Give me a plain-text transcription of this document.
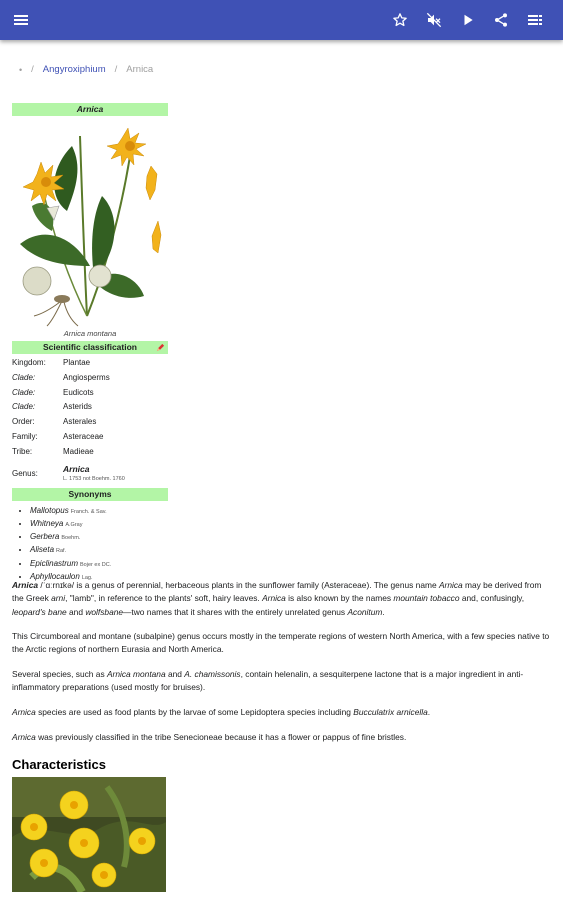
• / Angyroxiphium / Arnica
Arnica
Arnica montana
Scientific classification
Kingdom:	Plantae
Clade:	Angiosperms
Clade:	Eudicots
Clade:	Asterids
Order:	Asterales
Family:	Asteraceae
Tribe:	Madieae
Genus:	Arnica
L. 1753 not Boehm. 1760
Synonyms
• Mallotopus Franch. & Sav.
• Whitneya A.Gray
• Gerbera Boehm.
• Aliseta Raf.
• Epiclinastrum Bojer ex DC.
• Aphyllocaulon Lag.
Arnica /ˈɑːrnɪkə/ is a genus of perennial, herbaceous plants in the sunflower family (Asteraceae). The genus name Arnica may be derived from the Greek arni, "lamb", in reference to the plants' soft, hairy leaves. Arnica is also known by the names mountain tobacco and, confusingly, leopard's bane and wolfsbane—two names that it shares with the entirely unrelated genus Aconitum.
This Circumboreal and montane (subalpine) genus occurs mostly in the temperate regions of western North America, with a few species native to the Arctic regions of northern Eurasia and North America.
Several species, such as Arnica montana and A. chamissonis, contain helenalin, a sesquiterpene lactone that is a major ingredient in anti-inflammatory preparations (used mostly for bruises).
Arnica species are used as food plants by the larvae of some Lepidoptera species including Bucculatrix arnicella.
Arnica was previously classified in the tribe Senecioneae because it has a flower or pappus of fine bristles.
Characteristics
